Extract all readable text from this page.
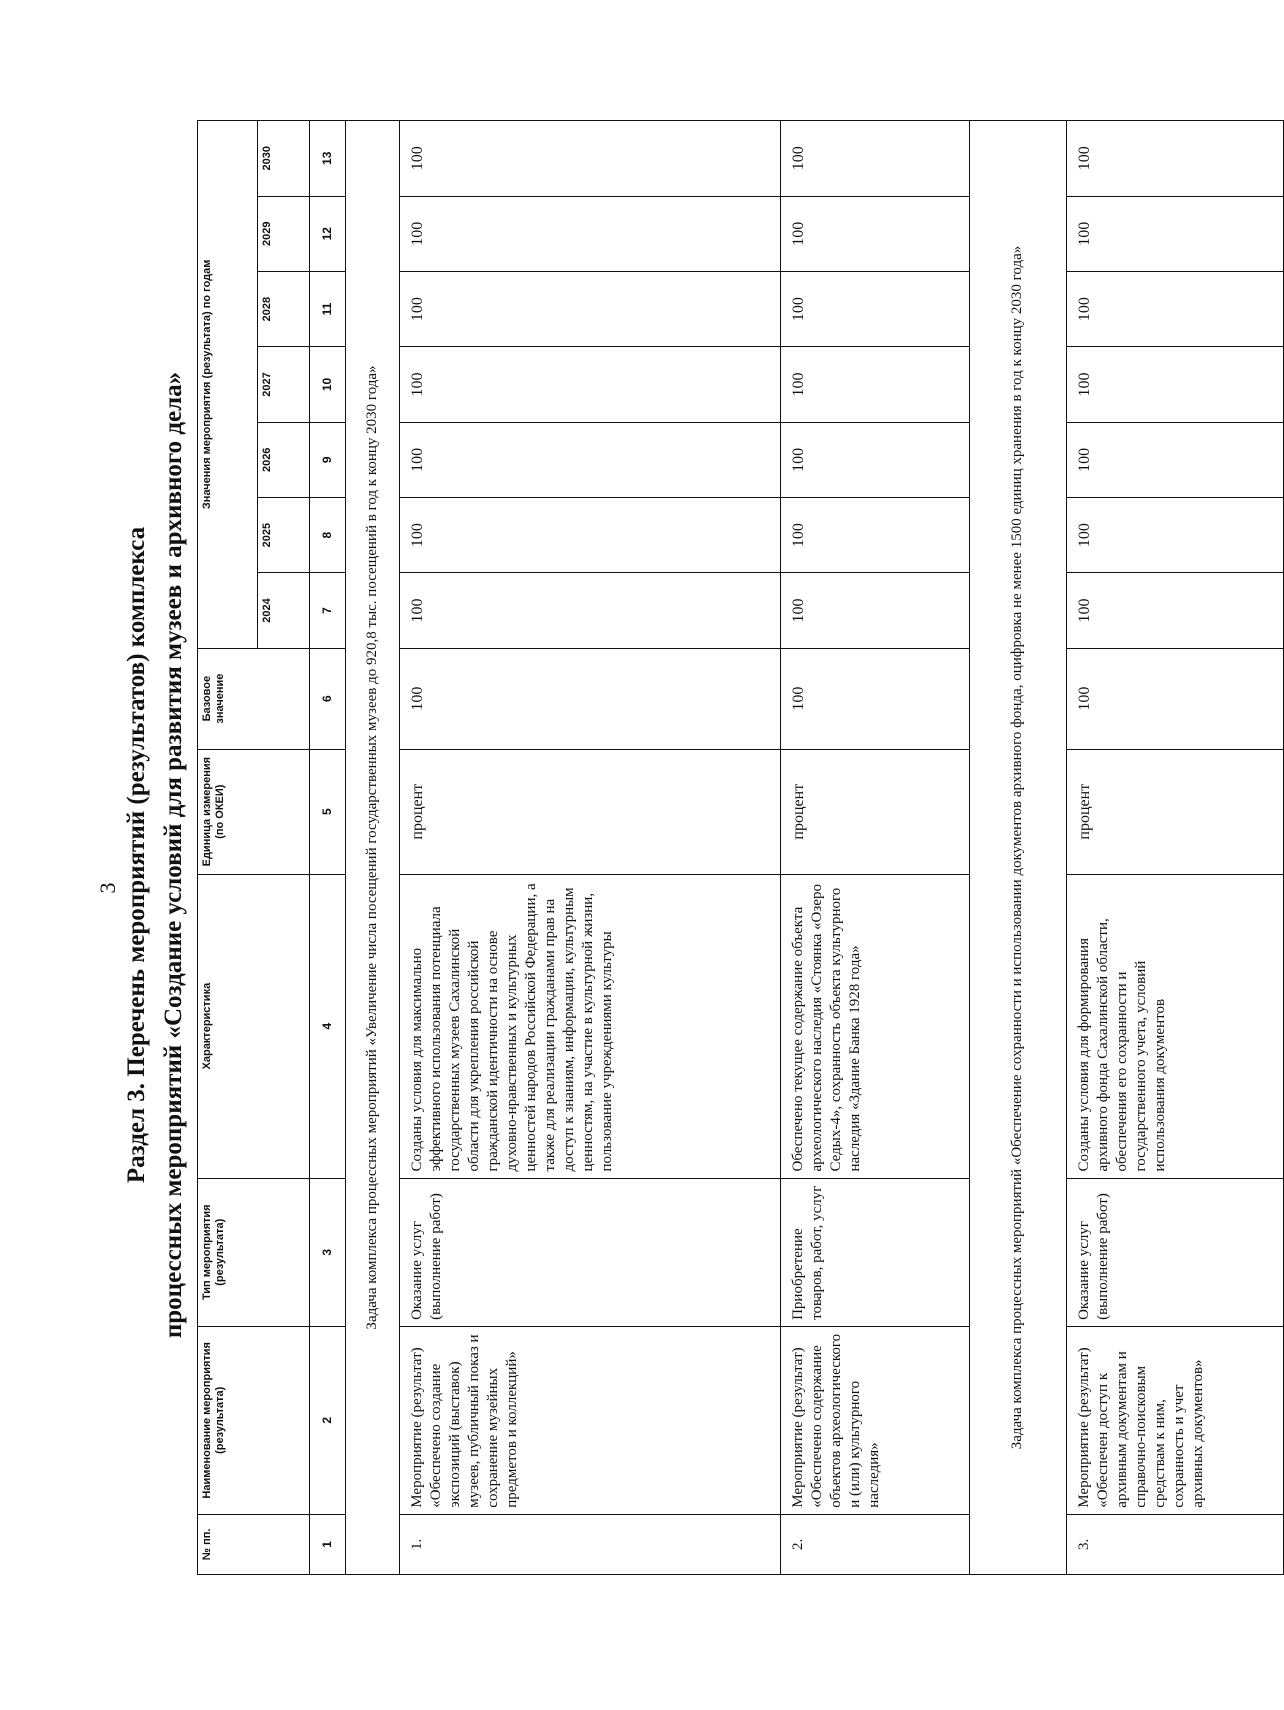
3 Раздел 3. Перечень мероприятий (результатов) комплекса процессных мероприятий «Создание условий для развития музеев и архивного дела»
№ пп.	Наименование мероприятия (результата)	Тип мероприятия (результата)	Характеристика	Единица измерения (по ОКЕИ)	Базовое значение	Значения мероприятия (результата) по годам						
						2024	2025	2026	2027	2028	2029	2030
1	2	3	4	5	6	7	8	9	10	11	12	13
Задача комплекса процессных мероприятий «Увеличение числа посещений государственных музеев до 920,8 тыс. посещений в год к концу 2030 года»												
1.	Мероприятие (результат) «Обеспечено создание экспозиций (выставок) музеев, публичный показ и сохранение музейных предметов и коллекций»	Оказание услуг (выполнение работ)	Созданы условия для максимально эффективного использования потенциала государственных музеев Сахалинской области для укрепления российской гражданской идентичности на основе духовно-нравственных и культурных ценностей народов Российской Федерации, а также для реализации гражданами прав на доступ к знаниям, информации, культурным ценностям, на участие в культурной жизни, пользование учреждениями культуры	процент	100	100	100	100	100	100	100	100
2.	Мероприятие (результат) «Обеспечено содержание объектов археологического и (или) культурного наследия»	Приобретение товаров, работ, услуг	Обеспечено текущее содержание объекта археологического наследия «Стоянка «Озеро Седых-4», сохранность объекта культурного наследия «Здание Банка 1928 года»	процент	100	100	100	100	100	100	100	100
Задача комплекса процессных мероприятий «Обеспечение сохранности и использовании документов архивного фонда, оцифровка не менее 1500 единиц хранения в год к концу 2030 года»												
3.	Мероприятие (результат) «Обеспечен доступ к архивным документам и справочно-поисковым средствам к ним, сохранность и учет архивных документов»	Оказание услуг (выполнение работ)	Созданы условия для формирования архивного фонда Сахалинской области, обеспечения его сохранности и государственного учета, условий использования документов	процент	100	100	100	100	100	100	100	100
